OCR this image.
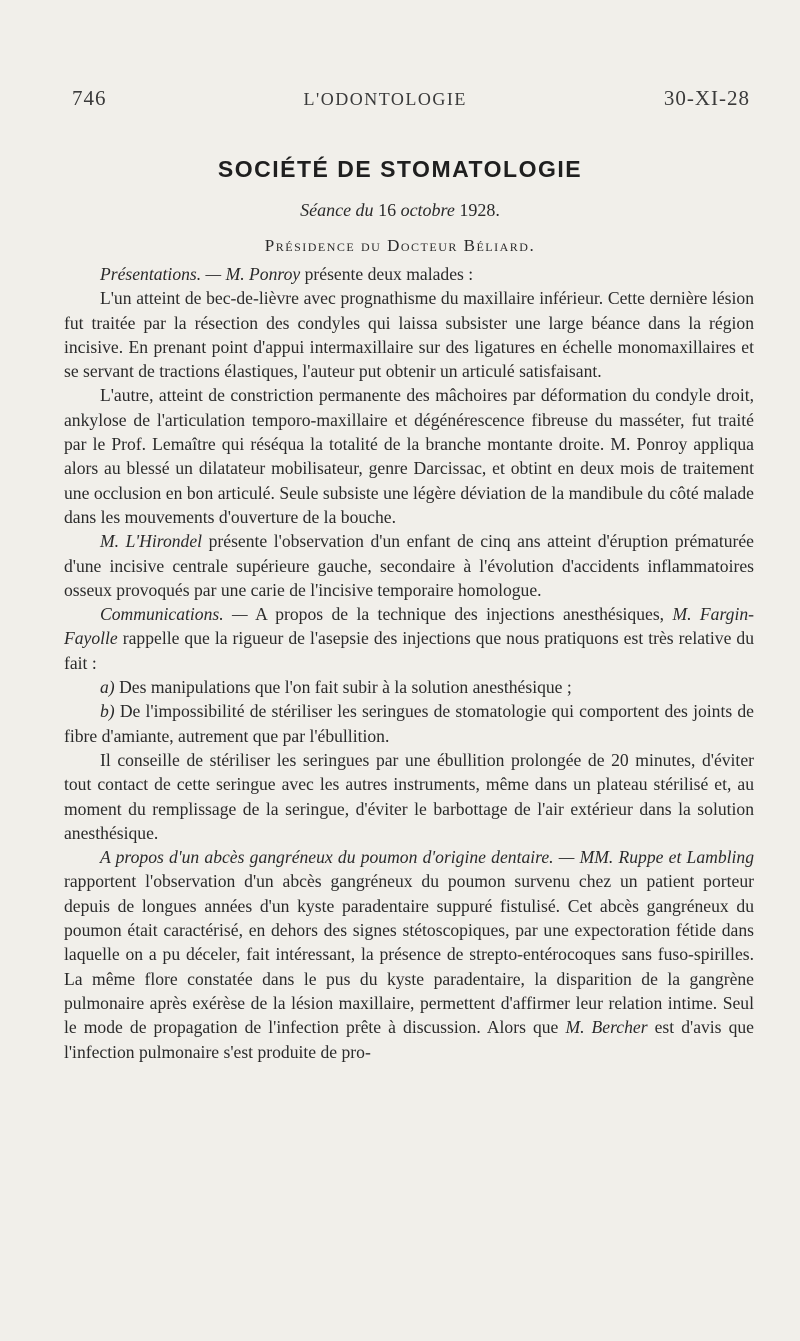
746	L'ODONTOLOGIE	30-XI-28
SOCIÉTÉ DE STOMATOLOGIE
Séance du 16 octobre 1928.
Présidence du Docteur Béliard.

Présentations. — M. Ponroy présente deux malades :

L'un atteint de bec-de-lièvre avec prognathisme du maxillaire inférieur. Cette dernière lésion fut traitée par la résection des condyles qui laissa subsister une large béance dans la région incisive. En prenant point d'appui intermaxillaire sur des ligatures en échelle monomaxillaires et se servant de tractions élastiques, l'auteur put obtenir un articulé satisfaisant.

L'autre, atteint de constriction permanente des mâchoires par déformation du condyle droit, ankylose de l'articulation temporo-maxillaire et dégénérescence fibreuse du masséter, fut traité par le Prof. Lemaître qui réséqua la totalité de la branche montante droite. M. Ponroy appliqua alors au blessé un dilatateur mobilisateur, genre Darcissac, et obtint en deux mois de traitement une occlusion en bon articulé. Seule subsiste une légère déviation de la mandibule du côté malade dans les mouvements d'ouverture de la bouche.

M. L'Hirondel présente l'observation d'un enfant de cinq ans atteint d'éruption prématurée d'une incisive centrale supérieure gauche, secondaire à l'évolution d'accidents inflammatoires osseux provoqués par une carie de l'incisive temporaire homologue.

Communications. — A propos de la technique des injections anesthésiques, M. Fargin-Fayolle rappelle que la rigueur de l'asepsie des injections que nous pratiquons est très relative du fait :

a) Des manipulations que l'on fait subir à la solution anesthésique ;

b) De l'impossibilité de stériliser les seringues de stomatologie qui comportent des joints de fibre d'amiante, autrement que par l'ébullition.

Il conseille de stériliser les seringues par une ébullition prolongée de 20 minutes, d'éviter tout contact de cette seringue avec les autres instruments, même dans un plateau stérilisé et, au moment du remplissage de la seringue, d'éviter le barbottage de l'air extérieur dans la solution anesthésique.

A propos d'un abcès gangréneux du poumon d'origine dentaire. — MM. Ruppe et Lambling rapportent l'observation d'un abcès gangréneux du poumon survenu chez un patient porteur depuis de longues années d'un kyste paradentaire suppuré fistulisé. Cet abcès gangréneux du poumon était caractérisé, en dehors des signes stétoscopiques, par une expectoration fétide dans laquelle on a pu déceler, fait intéressant, la présence de strepto-entérocoques sans fuso-spirilles. La même flore constatée dans le pus du kyste paradentaire, la disparition de la gangrène pulmonaire après exérèse de la lésion maxillaire, permettent d'affirmer leur relation intime. Seul le mode de propagation de l'infection prête à discussion. Alors que M. Bercher est d'avis que l'infection pulmonaire s'est produite de pro-
